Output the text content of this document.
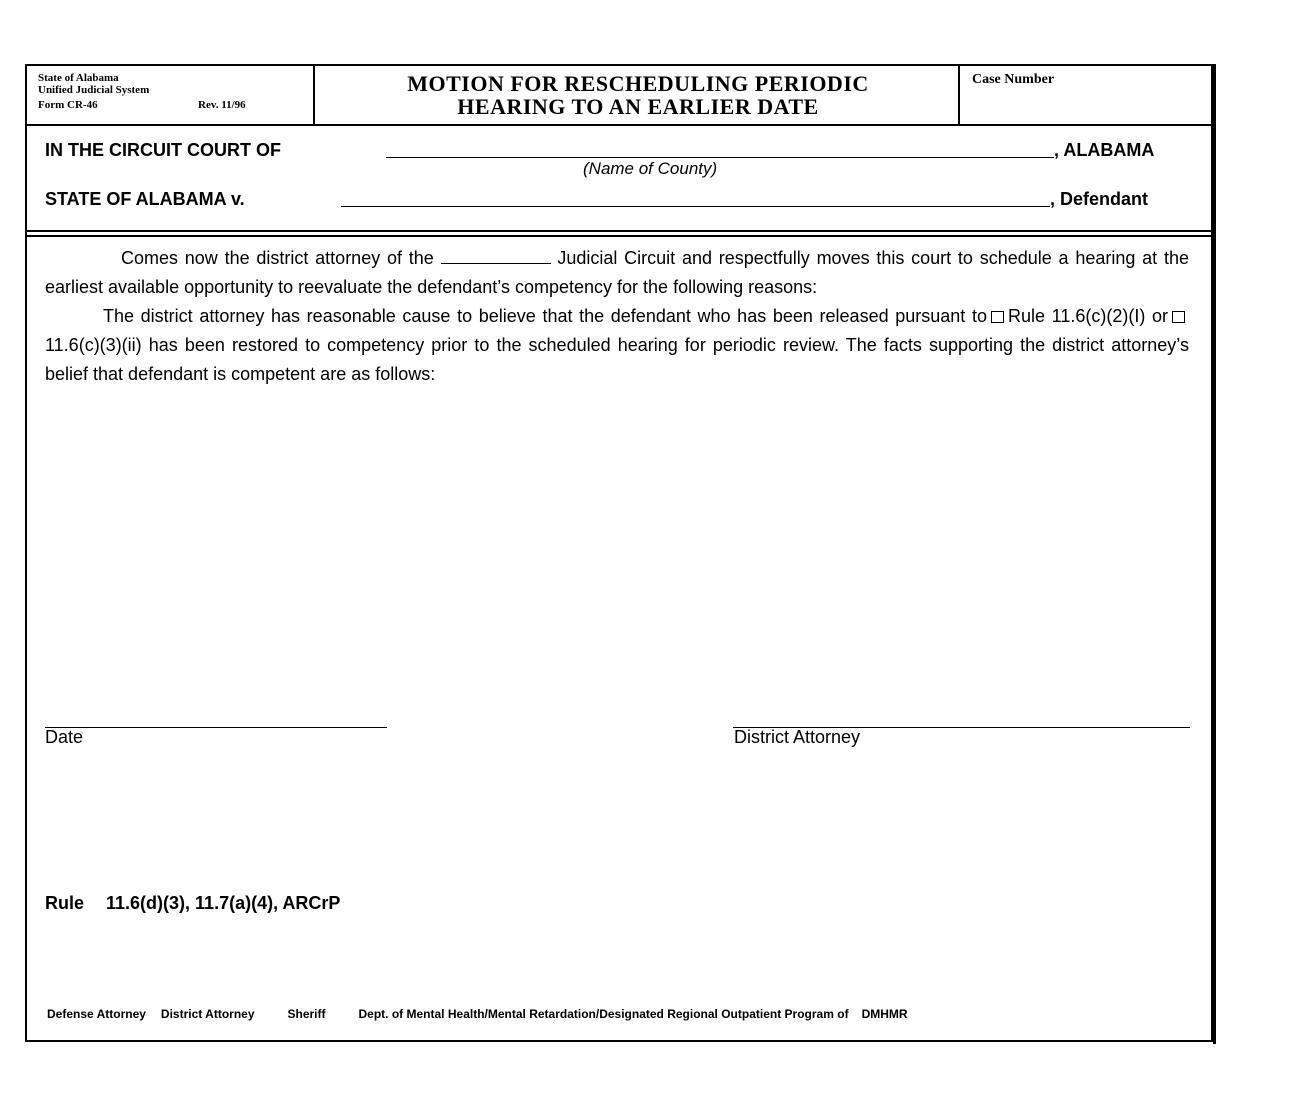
State of Alabama
Unified Judicial System
Form CR-46	Rev. 11/96
MOTION FOR RESCHEDULING PERIODIC
HEARING TO AN EARLIER DATE
Case Number
IN THE CIRCUIT COURT OF	, ALABAMA
(Name of County)
STATE OF ALABAMA v.	, Defendant

Comes now the district attorney of the	Judicial Circuit and respectfully moves this court to schedule a hearing at the earliest available opportunity to reevaluate the defendant’s competency for the following reasons:

The district attorney has reasonable cause to believe that the defendant who has been released pursuant to Rule 11.6(c)(2)(I) or11.6(c)(3)(ii) has been restored to competency prior to the scheduled hearing for periodic review. The facts supporting the district attorney’s belief that defendant is competent are as follows:

Date	District Attorney
Rule 11.6(d)(3), 11.7(a)(4), ARCrP
Defense Attorney District Attorney	Sheriff	Dept. of Mental Health/Mental Retardation/Designated Regional Outpatient Program of DMHMR
